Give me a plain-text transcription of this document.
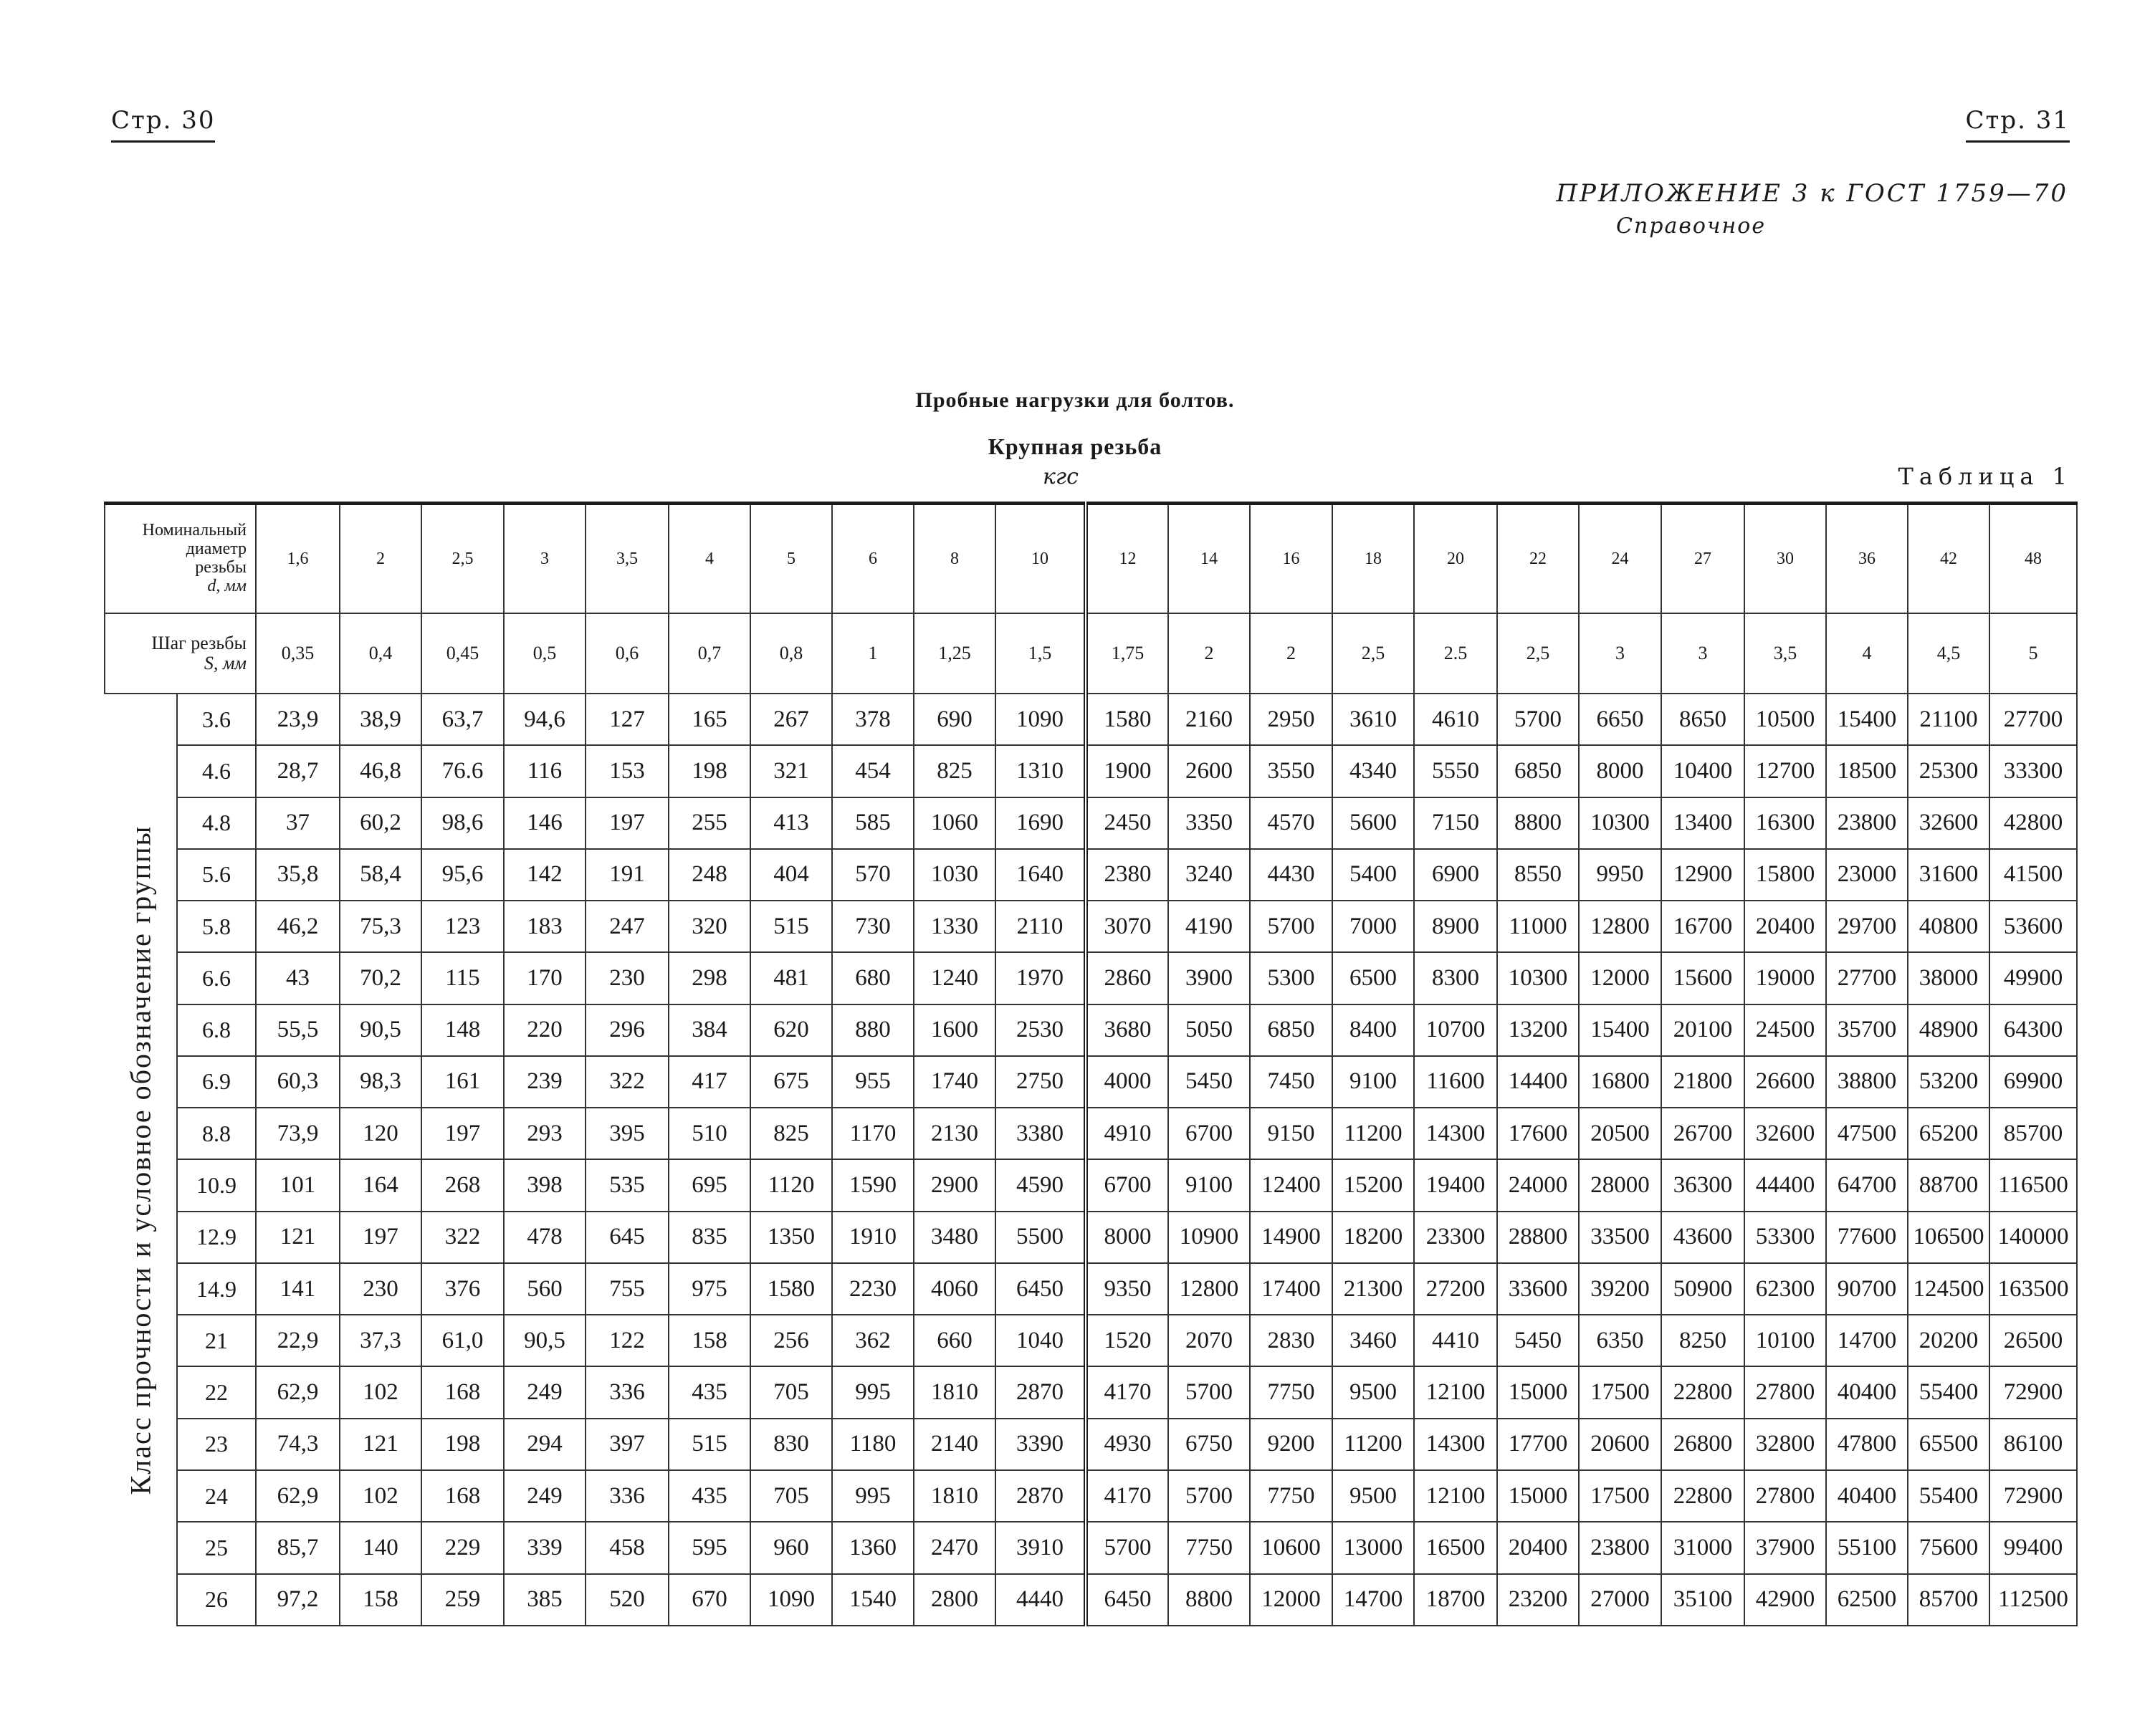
Стр. 30	Стр. 31
ПРИЛОЖЕНИЕ 3 к ГОСТ 1759—70
Справочное
Пробные нагрузки для болтов.
Крупная резьба
кгс	Таблица 1
Номинальный
диаметр
резьбы
d, мм		1,6	2	2,5	3	3,5	4	5	6	8	10	12	14	16	18	20	22	24	27	30	36	42	48
Шаг резьбы
S, мм		0,35	0,4	0,45	0,5	0,6	0,7	0,8	1	1,25	1,5	1,75	2	2	2,5	2.5	2,5	3	3	3,5	4	4,5	5

Класс прочности и условное обозначение группы	3.6	23,9	38,9	63,7	94,6	127	165	267	378	690	1090	1580	2160	2950	3610	4610	5700	6650	8650	10500	15400	21100	27700
	4.6	28,7	46,8	76.6	116	153	198	321	454	825	1310	1900	2600	3550	4340	5550	6850	8000	10400	12700	18500	25300	33300
	4.8	37	60,2	98,6	146	197	255	413	585	1060	1690	2450	3350	4570	5600	7150	8800	10300	13400	16300	23800	32600	42800
	5.6	35,8	58,4	95,6	142	191	248	404	570	1030	1640	2380	3240	4430	5400	6900	8550	9950	12900	15800	23000	31600	41500
	5.8	46,2	75,3	123	183	247	320	515	730	1330	2110	3070	4190	5700	7000	8900	11000	12800	16700	20400	29700	40800	53600
	6.6	43	70,2	115	170	230	298	481	680	1240	1970	2860	3900	5300	6500	8300	10300	12000	15600	19000	27700	38000	49900
	6.8	55,5	90,5	148	220	296	384	620	880	1600	2530	3680	5050	6850	8400	10700	13200	15400	20100	24500	35700	48900	64300
	6.9	60,3	98,3	161	239	322	417	675	955	1740	2750	4000	5450	7450	9100	11600	14400	16800	21800	26600	38800	53200	69900
	8.8	73,9	120	197	293	395	510	825	1170	2130	3380	4910	6700	9150	11200	14300	17600	20500	26700	32600	47500	65200	85700
	10.9	101	164	268	398	535	695	1120	1590	2900	4590	6700	9100	12400	15200	19400	24000	28000	36300	44400	64700	88700	116500
	12.9	121	197	322	478	645	835	1350	1910	3480	5500	8000	10900	14900	18200	23300	28800	33500	43600	53300	77600	106500	140000
	14.9	141	230	376	560	755	975	1580	2230	4060	6450	9350	12800	17400	21300	27200	33600	39200	50900	62300	90700	124500	163500
	21	22,9	37,3	61,0	90,5	122	158	256	362	660	1040	1520	2070	2830	3460	4410	5450	6350	8250	10100	14700	20200	26500
	22	62,9	102	168	249	336	435	705	995	1810	2870	4170	5700	7750	9500	12100	15000	17500	22800	27800	40400	55400	72900
	23	74,3	121	198	294	397	515	830	1180	2140	3390	4930	6750	9200	11200	14300	17700	20600	26800	32800	47800	65500	86100
	24	62,9	102	168	249	336	435	705	995	1810	2870	4170	5700	7750	9500	12100	15000	17500	22800	27800	40400	55400	72900
	25	85,7	140	229	339	458	595	960	1360	2470	3910	5700	7750	10600	13000	16500	20400	23800	31000	37900	55100	75600	99400
	26	97,2	158	259	385	520	670	1090	1540	2800	4440	6450	8800	12000	14700	18700	23200	27000	35100	42900	62500	85700	112500
